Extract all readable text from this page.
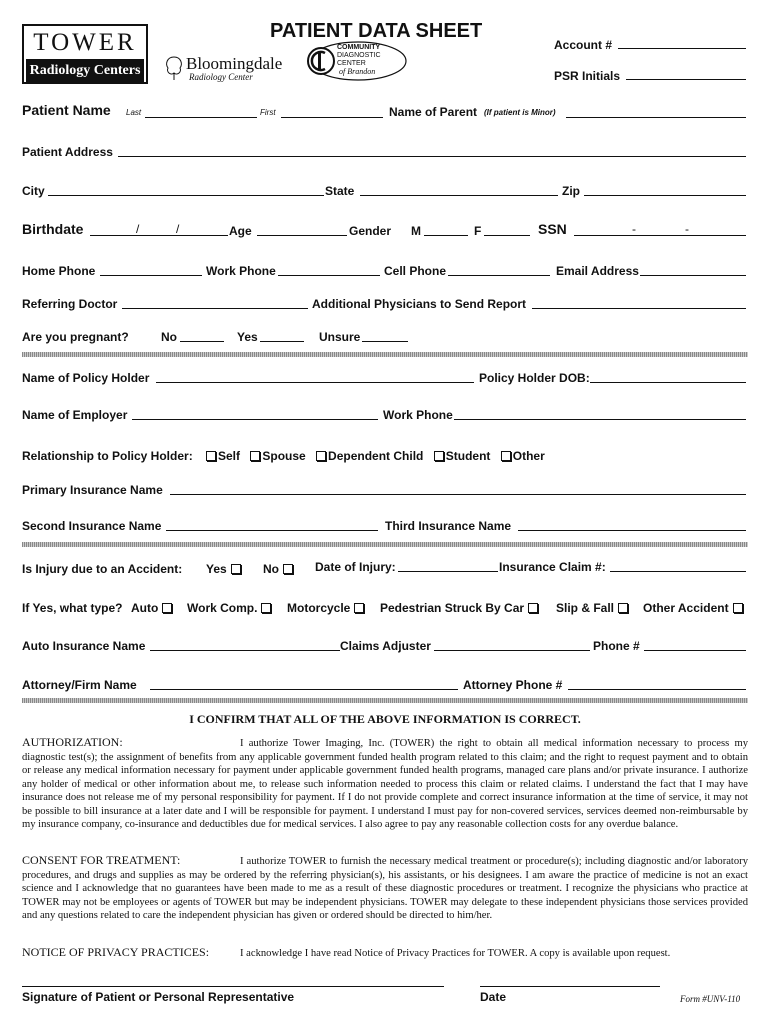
TOWER
Radiology Centers	Bloomingdale
Radiology Center
COMMUNITY
DIAGNOSTIC
CENTER
of Brandon
PATIENT DATA SHEET
Account #
PSR Initials
Patient Name Last	First	Name of Parent (If patient is Minor)
Patient Address
City	State	Zip
Birthdate	/	/	Age	Gender M	F	SSN	-	-
Home Phone	Work Phone	Cell Phone	Email Address
Referring Doctor	Additional Physicians to Send Report
Are you pregnant?	No	Yes	Unsure
Name of Policy Holder	Policy Holder DOB:
Name of Employer	Work Phone
Relationship to Policy Holder:	Self Spouse Dependent Child Student Other
Primary Insurance Name
Second Insurance Name	Third Insurance Name
Is Injury due to an Accident: Yes	No	Date of Injury:	Insurance Claim #:
If Yes, what type? Auto	Work Comp.	Motorcycle	Pedestrian Struck By Car	Slip & Fall	Other Accident
Auto Insurance Name	Claims Adjuster	Phone #
Attorney/Firm Name	Attorney Phone #
I CONFIRM THAT ALL OF THE ABOVE INFORMATION IS CORRECT.
AUTHORIZATION:	I authorize Tower Imaging, Inc. (TOWER) the right to obtain all medical information necessary to process my diagnostic test(s); the assignment of benefits from any applicable government funded health program related to this claim; and the right to request payment and to obtain or release any medical information necessary for payment under applicable government funded health programs, managed care plans and/or private insurance. I authorize any holder of medical or other information about me, to release such information needed to process this claim or related claims. I understand the fact that I may have insurance does not release me of my personal responsibility for payment. If I do not provide complete and correct insurance information at the time of service, it may not be possible to bill insurance at a later date and I will be responsible for payment. I understand I must pay for non-covered services, services deemed non-reimbursable by my insurance company, co-insurance and deductibles due for medical services. I also agree to pay any reasonable collection costs for any overdue balance.
CONSENT FOR TREATMENT:	I authorize TOWER to furnish the necessary medical treatment or procedure(s); including diagnostic and/or laboratory procedures, and drugs and supplies as may be ordered by the referring physician(s), his assistants, or his designees. I am aware the practice of medicine is not an exact science and I acknowledge that no guarantees have been made to me as a result of these diagnostic procedures or treatment. I recognize the physicians who practice at TOWER may not be employees or agents of TOWER but may be independent physicians. TOWER may delegate to these independent physicians those services provided and any questions related to care the independent physician has given or ordered should be directed to him/her.
NOTICE OF PRIVACY PRACTICES:	I acknowledge I have read Notice of Privacy Practices for TOWER. A copy is available upon request.
Signature of Patient or Personal Representative	Date	Form #UNV-110
